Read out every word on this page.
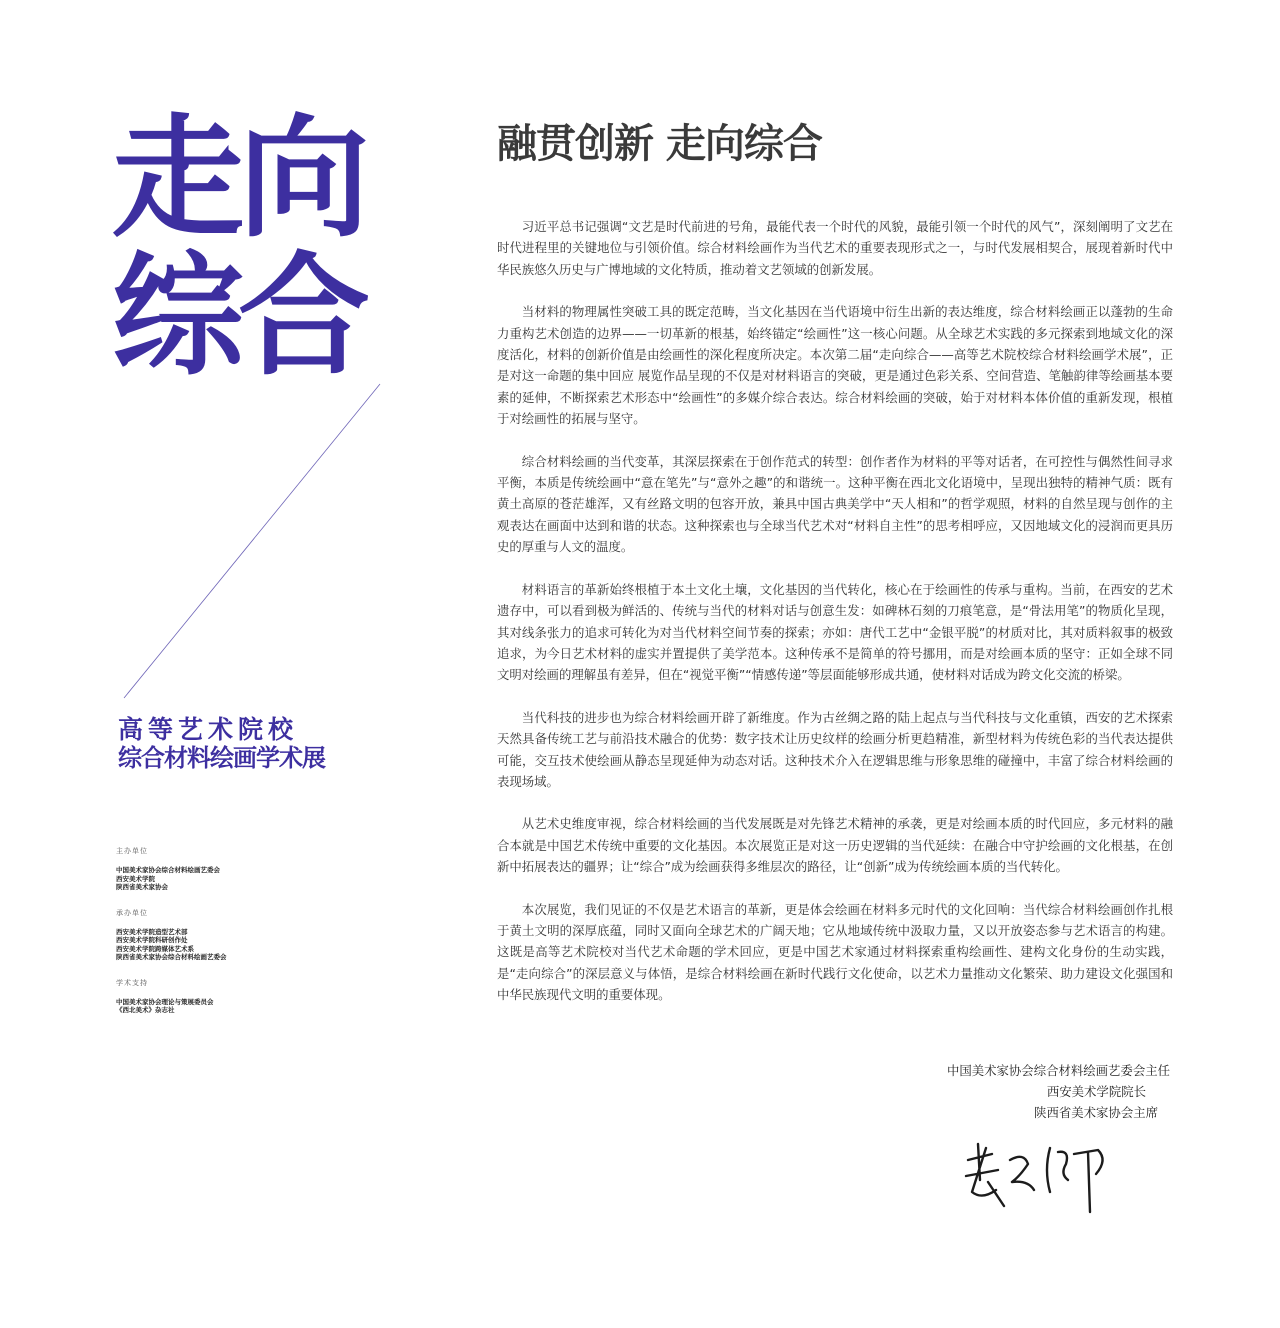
走向
综合
高等艺术院校
综合材料绘画学术展
主办单位
中国美术家协会综合材料绘画艺委会
西安美术学院
陕西省美术家协会
承办单位
西安美术学院造型艺术部
西安美术学院科研创作处
西安美术学院跨媒体艺术系
陕西省美术家协会综合材料绘画艺委会
学术支持
中国美术家协会理论与策展委员会
《西北美术》杂志社
融贯创新 走向综合

习近平总书记强调“文艺是时代前进的号角，最能代表一个时代的风貌，最能引领一个时代的风气”，深刻阐明了文艺在时代进程里的关键地位与引领价值。综合材料绘画作为当代艺术的重要表现形式之一，与时代发展相契合，展现着新时代中华民族悠久历史与广博地域的文化特质，推动着文艺领域的创新发展。

当材料的物理属性突破工具的既定范畴，当文化基因在当代语境中衍生出新的表达维度，综合材料绘画正以蓬勃的生命力重构艺术创造的边界——一切革新的根基，始终锚定“绘画性”这一核心问题。从全球艺术实践的多元探索到地域文化的深度活化，材料的创新价值是由绘画性的深化程度所决定。本次第二届“走向综合——高等艺术院校综合材料绘画学术展”，正是对这一命题的集中回应 展览作品呈现的不仅是对材料语言的突破，更是通过色彩关系、空间营造、笔触韵律等绘画基本要素的延伸，不断探索艺术形态中“绘画性”的多媒介综合表达。综合材料绘画的突破，始于对材料本体价值的重新发现，根植于对绘画性的拓展与坚守。

综合材料绘画的当代变革，其深层探索在于创作范式的转型：创作者作为材料的平等对话者，在可控性与偶然性间寻求平衡，本质是传统绘画中“意在笔先”与“意外之趣”的和谐统一。这种平衡在西北文化语境中，呈现出独特的精神气质：既有黄土高原的苍茫雄浑，又有丝路文明的包容开放，兼具中国古典美学中“天人相和”的哲学观照，材料的自然呈现与创作的主观表达在画面中达到和谐的状态。这种探索也与全球当代艺术对“材料自主性”的思考相呼应，又因地域文化的浸润而更具历史的厚重与人文的温度。

材料语言的革新始终根植于本土文化土壤，文化基因的当代转化，核心在于绘画性的传承与重构。当前，在西安的艺术遗存中，可以看到极为鲜活的、传统与当代的材料对话与创意生发：如碑林石刻的刀痕笔意，是“骨法用笔”的物质化呈现，其对线条张力的追求可转化为对当代材料空间节奏的探索；亦如：唐代工艺中“金银平脱”的材质对比，其对质料叙事的极致追求，为今日艺术材料的虚实并置提供了美学范本。这种传承不是简单的符号挪用，而是对绘画本质的坚守：正如全球不同文明对绘画的理解虽有差异，但在“视觉平衡”“情感传递”等层面能够形成共通，使材料对话成为跨文化交流的桥梁。

当代科技的进步也为综合材料绘画开辟了新维度。作为古丝绸之路的陆上起点与当代科技与文化重镇，西安的艺术探索天然具备传统工艺与前沿技术融合的优势：数字技术让历史纹样的绘画分析更趋精准，新型材料为传统色彩的当代表达提供可能，交互技术使绘画从静态呈现延伸为动态对话。这种技术介入在逻辑思维与形象思维的碰撞中，丰富了综合材料绘画的表现场域。

从艺术史维度审视，综合材料绘画的当代发展既是对先锋艺术精神的承袭，更是对绘画本质的时代回应，多元材料的融合本就是中国艺术传统中重要的文化基因。本次展览正是对这一历史逻辑的当代延续：在融合中守护绘画的文化根基，在创新中拓展表达的疆界；让“综合”成为绘画获得多维层次的路径，让“创新”成为传统绘画本质的当代转化。

本次展览，我们见证的不仅是艺术语言的革新，更是体会绘画在材料多元时代的文化回响：当代综合材料绘画创作扎根于黄土文明的深厚底蕴，同时又面向全球艺术的广阔天地；它从地域传统中汲取力量，又以开放姿态参与艺术语言的构建。这既是高等艺术院校对当代艺术命题的学术回应，更是中国艺术家通过材料探索重构绘画性、建构文化身份的生动实践，是“走向综合”的深层意义与体悟，是综合材料绘画在新时代践行文化使命，以艺术力量推动文化繁荣、助力建设文化强国和中华民族现代文明的重要体现。

中国美术家协会综合材料绘画艺委会主任
西安美术学院院长
陕西省美术家协会主席
